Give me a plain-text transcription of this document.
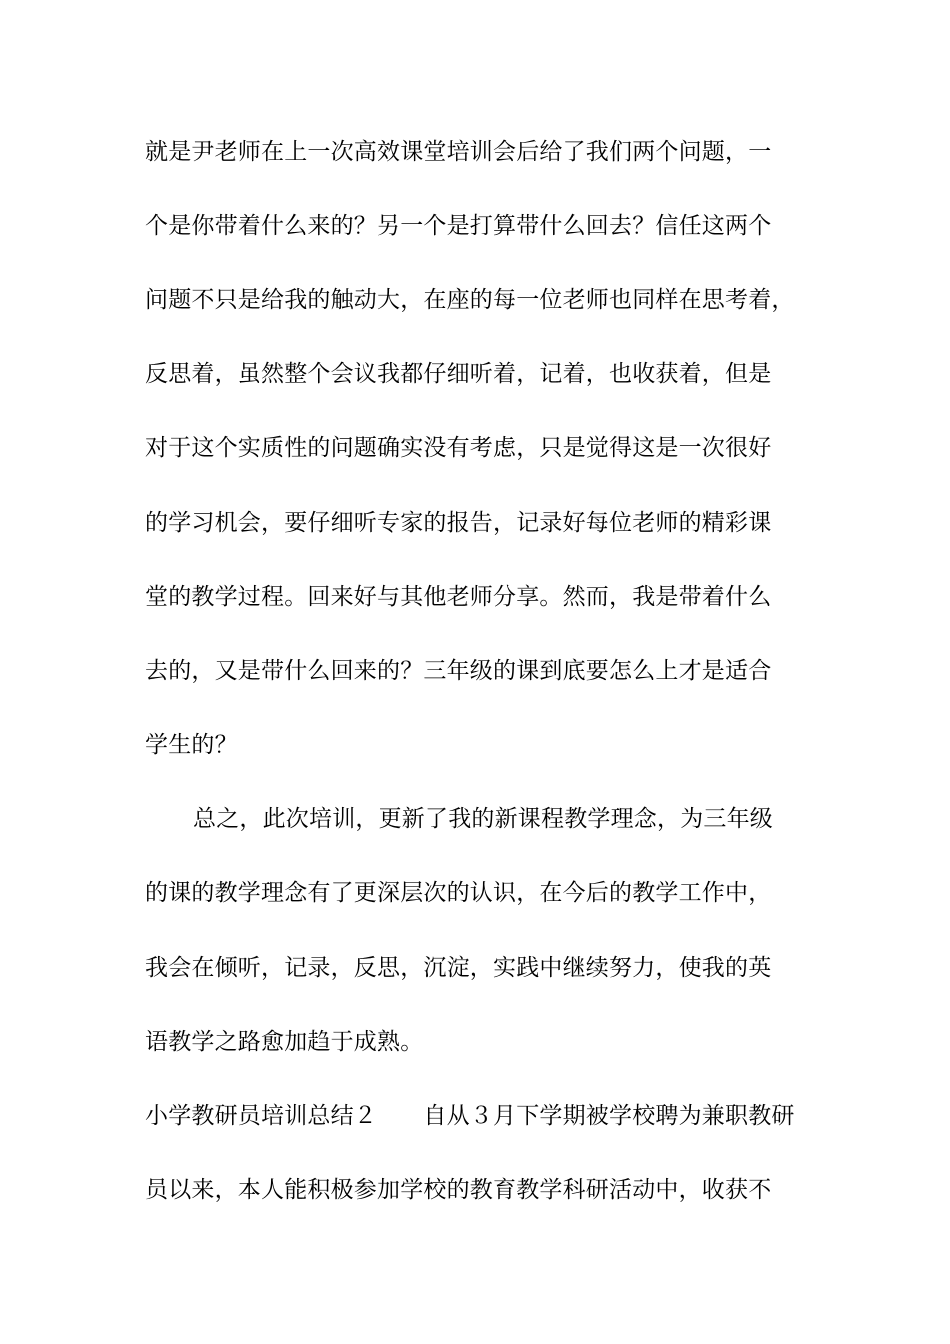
就是尹老师在上一次高效课堂培训会后给了我们两个问题，一
个是你带着什么来的？另一个是打算带什么回去？信任这两个
问题不只是给我的触动大，在座的每一位老师也同样在思考着，
反思着，虽然整个会议我都仔细听着，记着，也收获着，但是
对于这个实质性的问题确实没有考虑，只是觉得这是一次很好
的学习机会，要仔细听专家的报告，记录好每位老师的精彩课
堂的教学过程。回来好与其他老师分享。然而，我是带着什么
去的，又是带什么回来的？三年级的课到底要怎么上才是适合
学生的？
总之，此次培训，更新了我的新课程教学理念，为三年级
的课的教学理念有了更深层次的认识，在今后的教学工作中，
我会在倾听，记录，反思，沉淀，实践中继续努力，使我的英
语教学之路愈加趋于成熟。
小学教研员培训总结２　　自从３月下学期被学校聘为兼职教研
员以来，本人能积极参加学校的教育教学科研活动中，收获不
